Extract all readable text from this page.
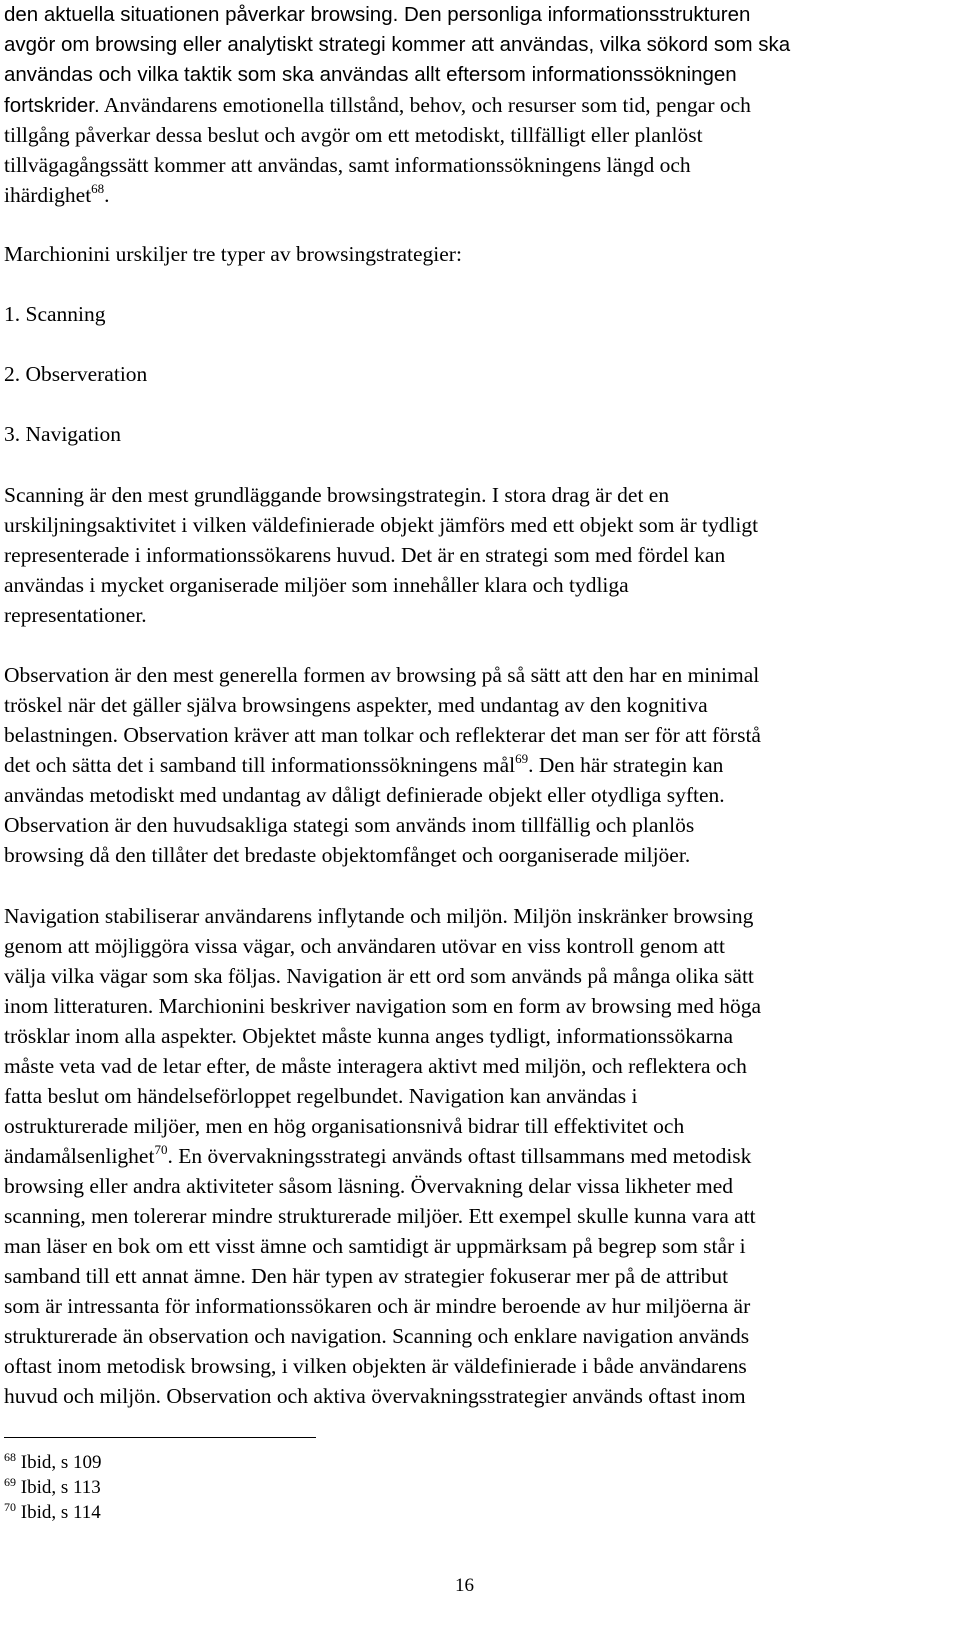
den aktuella situationen påverkar browsing. Den personliga informationsstrukturen
avgör om browsing eller analytiskt strategi kommer att användas, vilka sökord som ska
användas och vilka taktik som ska användas allt eftersom informationssökningen
fortskrider. Användarens emotionella tillstånd, behov, och resurser som tid, pengar och
tillgång påverkar dessa beslut och avgör om ett metodiskt, tillfälligt eller planlöst
tillvägagångssätt kommer att användas, samt informationssökningens längd och
ihärdighet$^{68}$.
Marchionini urskiljer tre typer av browsingstrategier:
1. Scanning
2. Observeration
3. Navigation
Scanning är den mest grundläggande browsingstrategin. I stora drag är det en
urskiljningsaktivitet i vilken väldefinierade objekt jämförs med ett objekt som är tydligt
representerade i informationssökarens huvud. Det är en strategi som med fördel kan
användas i mycket organiserade miljöer som innehåller klara och tydliga
representationer.
Observation är den mest generella formen av browsing på så sätt att den har en minimal
tröskel när det gäller själva browsingens aspekter, med undantag av den kognitiva
belastningen. Observation kräver att man tolkar och reflekterar det man ser för att förstå
det och sätta det i samband till informationssökningens mål$^{69}$. Den här strategin kan
användas metodiskt med undantag av dåligt definierade objekt eller otydliga syften.
Observation är den huvudsakliga stategi som används inom tillfällig och planlös
browsing då den tillåter det bredaste objektomfånget och oorganiserade miljöer.
Navigation stabiliserar användarens inflytande och miljön. Miljön inskränker browsing
genom att möjliggöra vissa vägar, och användaren utövar en viss kontroll genom att
välja vilka vägar som ska följas. Navigation är ett ord som används på många olika sätt
inom litteraturen. Marchionini beskriver navigation som en form av browsing med höga
trösklar inom alla aspekter. Objektet måste kunna anges tydligt, informationssökarna
måste veta vad de letar efter, de måste interagera aktivt med miljön, och reflektera och
fatta beslut om händelseförloppet regelbundet. Navigation kan användas i
ostrukturerade miljöer, men en hög organisationsnivå bidrar till effektivitet och
ändamålsenlighet$^{70}$. En övervakningsstrategi används oftast tillsammans med metodisk
browsing eller andra aktiviteter såsom läsning. Övervakning delar vissa likheter med
scanning, men tolererar mindre strukturerade miljöer. Ett exempel skulle kunna vara att
man läser en bok om ett visst ämne och samtidigt är uppmärksam på begrep som står i
samband till ett annat ämne. Den här typen av strategier fokuserar mer på de attribut
som är intressanta för informationssökaren och är mindre beroende av hur miljöerna är
strukturerade än observation och navigation. Scanning och enklare navigation används
oftast inom metodisk browsing, i vilken objekten är väldefinierade i både användarens
huvud och miljön. Observation och aktiva övervakningsstrategier används oftast inom
$^{68}$ Ibid, s 109
$^{69}$ Ibid, s 113
$^{70}$ Ibid, s 114
16
